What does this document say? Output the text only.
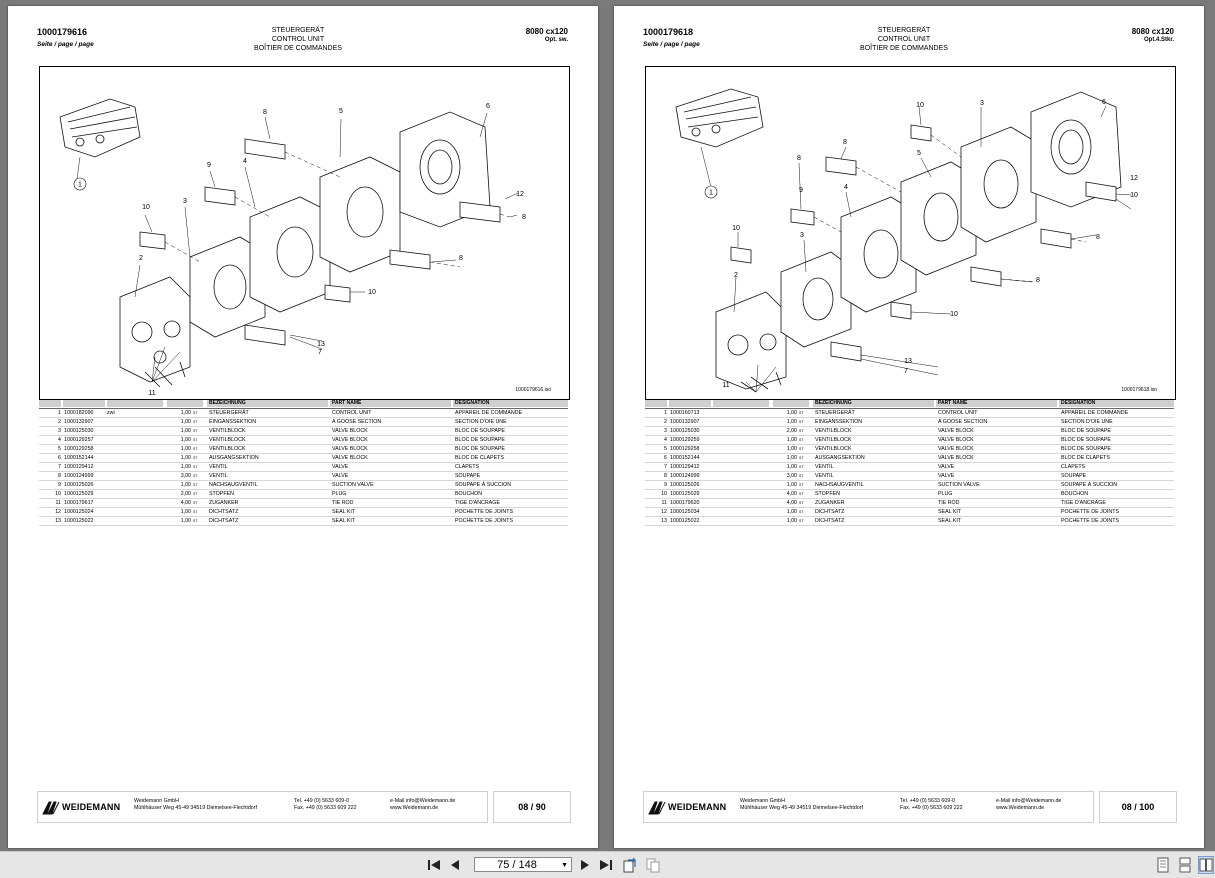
1000179616
Seite / page / page
STEUERGERÄT
CONTROL UNIT
BOÎTIER DE COMMANDES
8080 cx120
Opt. sw.
1
2
3
4
5
6
7
8
8
8
9
10
10
11
12
13
1000179616.iso
BEZEICHNUNG	PART NAME	DESIGNATION
1 1000182090	zwi	1,00 ST	STEUERGERÄT	CONTROL UNIT	APPAREIL DE COMMANDE
2 1000132907	1,00 ST	EINGANSSEKTION	A GOOSE SECTION	SECTION D'OIE UNE
3 1000125030	1,00 ST	VENTILBLOCK	VALVE BLOCK	BLOC DE SOUPAPE
4 1000129257	1,00 ST	VENTILBLOCK	VALVE BLOCK	BLOC DE SOUPAPE
5 1000129258	1,00 ST	VENTILBLOCK	VALVE BLOCK	BLOC DE SOUPAPE
6 1000152144	1,00 ST	AUSGANGSEKTION	VALVE BLOCK	BLOC DE CLAPETS
7 1000129412	1,00 ST	VENTIL	VALVE	CLAPETS
8 1000124999	3,00 ST	VENTIL	VALVE	SOUPAPE
9 1000125026	1,00 ST	NACHSAUGVENTIL	SUCTION VALVE	SOUPAPE À SUCCION
10 1000125029	2,00 ST	STOPFEN	PLUG	BOUCHON
11 1000179617	4,00 ST	ZUGANKER	TIE ROD	TIGE D'ANCRAGE
12 1000125024	1,00 ST	DICHTSATZ	SEAL KIT	POCHETTE DE JOINTS
13 1000125022	1,00 ST	DICHTSATZ	SEAL KIT	POCHETTE DE JOINTS
WEIDEMANN
Weidemann GmbH
Mühlhäuser Weg 45-49 34519 Diemelsee-Flechtdorf
Tel. +49 (0) 5633 609-0
Fax. +49 (0) 5633 609 222
e-Mail info@Weidemann.de
www.Weidemann.de	08 / 90
1000179618
Seite / page / page
STEUERGERÄT
CONTROL UNIT
BOÎTIER DE COMMANDES
8080 cx120
Opt.4.Stkr.
1
2
3
3
4
5
6
7
8
8
8
8
9
10
10
10
10
11
12
13
1000179618.iso
BEZEICHNUNG	PART NAME	DESIGNATION
1 1000160713	1,00 ST	STEUERGERÄT	CONTROL UNIT	APPAREIL DE COMMANDE
2 1000132907	1,00 ST	EINGANSSEKTION	A GOOSE SECTION	SECTION D'OIE UNE
3 1000125030	2,00 ST	VENTILBLOCK	VALVE BLOCK	BLOC DE SOUPAPE
4 1000129259	1,00 ST	VENTILBLOCK	VALVE BLOCK	BLOC DE SOUPAPE
5 1000129258	1,00 ST	VENTILBLOCK	VALVE BLOCK	BLOC DE SOUPAPE
6 1000152144	1,00 ST	AUSGANGSEKTION	VALVE BLOCK	BLOC DE CLAPETS
7 1000129412	1,00 ST	VENTIL	VALVE	CLAPETS
8 1000124999	3,00 ST	VENTIL	VALVE	SOUPAPE
9 1000125026	1,00 ST	NACHSAUGVENTIL	SUCTION VALVE	SOUPAPE À SUCCION
10 1000125029	4,00 ST	STOPFEN	PLUG	BOUCHON
11 1000179620	4,00 ST	ZUGANKER	TIE ROD	TIGE D'ANCRAGE
12 1000125034	1,00 ST	DICHTSATZ	SEAL KIT	POCHETTE DE JOINTS
13 1000125022	1,00 ST	DICHTSATZ	SEAL KIT	POCHETTE DE JOINTS
WEIDEMANN
Weidemann GmbH
Mühlhäuser Weg 45-49 34519 Diemelsee-Flechtdorf
Tel. +49 (0) 5633 609-0
Fax. +49 (0) 5633 609 222
e-Mail info@Weidemann.de
www.Weidemann.de	08 / 100
75 / 148	▼
